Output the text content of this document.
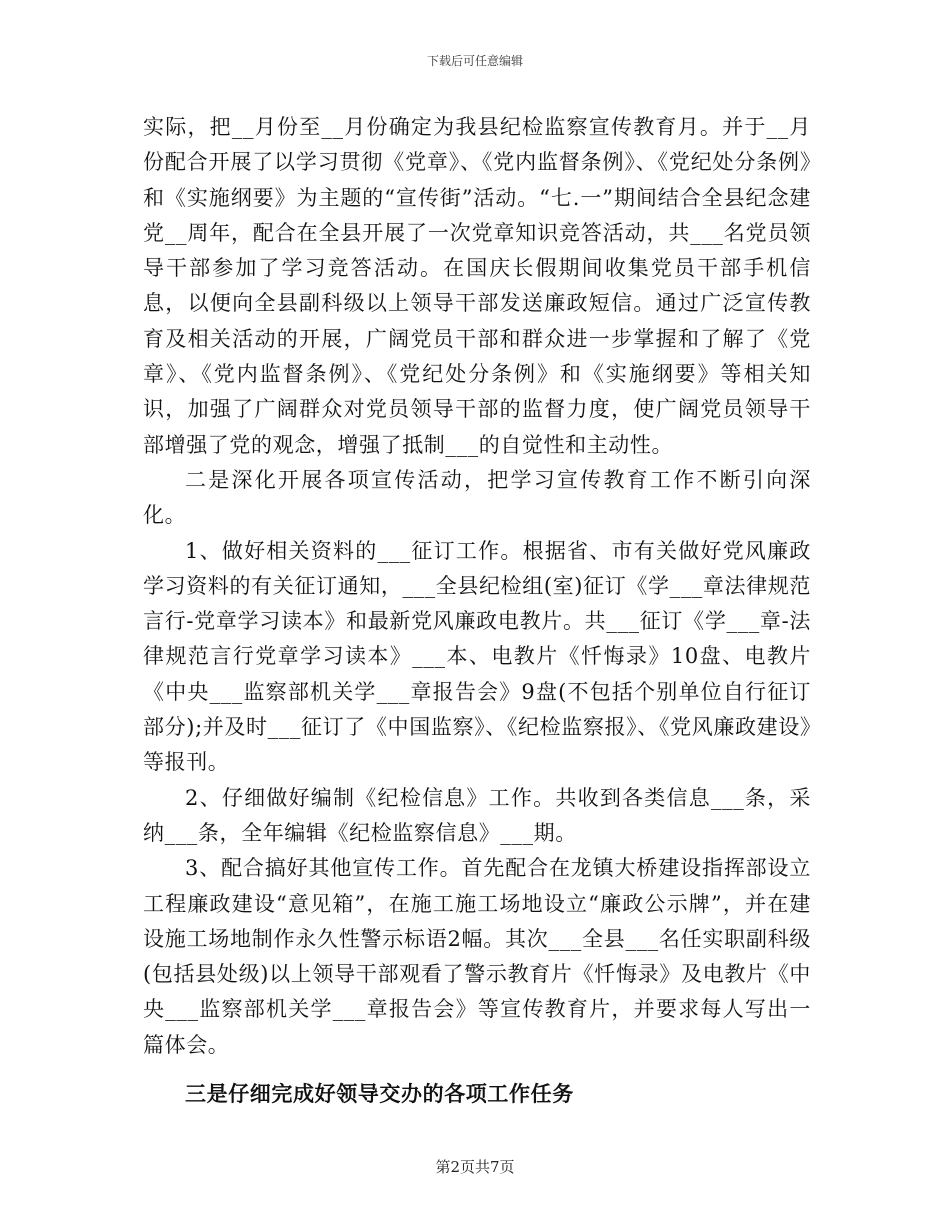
下载后可任意编辑

实际，把__月份至__月份确定为我县纪检监察宣传教育月。并于__月份配合开展了以学习贯彻《党章》、《党内监督条例》、《党纪处分条例》和《实施纲要》为主题的“宣传街”活动。“七.一”期间结合全县纪念建党__周年，配合在全县开展了一次党章知识竞答活动，共___名党员领导干部参加了学习竞答活动。在国庆长假期间收集党员干部手机信息，以便向全县副科级以上领导干部发送廉政短信。通过广泛宣传教育及相关活动的开展，广阔党员干部和群众进一步掌握和了解了《党章》、《党内监督条例》、《党纪处分条例》和《实施纲要》等相关知识，加强了广阔群众对党员领导干部的监督力度，使广阔党员领导干部增强了党的观念，增强了抵制___的自觉性和主动性。

二是深化开展各项宣传活动，把学习宣传教育工作不断引向深化。

1、做好相关资料的___征订工作。根据省、市有关做好党风廉政学习资料的有关征订通知，___全县纪检组(室)征订《学___章法律规范言行-党章学习读本》和最新党风廉政电教片。共___征订《学___章-法律规范言行党章学习读本》___本、电教片《忏悔录》10盘、电教片《中央___监察部机关学___章报告会》9盘(不包括个别单位自行征订部分);并及时___征订了《中国监察》、《纪检监察报》、《党风廉政建设》等报刊。

2、仔细做好编制《纪检信息》工作。共收到各类信息___条，采纳___条，全年编辑《纪检监察信息》___期。

3、配合搞好其他宣传工作。首先配合在龙镇大桥建设指挥部设立工程廉政建设“意见箱”，在施工施工场地设立“廉政公示牌”，并在建设施工场地制作永久性警示标语2幅。其次___全县___名任实职副科级(包括县处级)以上领导干部观看了警示教育片《忏悔录》及电教片《中央___监察部机关学___章报告会》等宣传教育片，并要求每人写出一篇体会。

三是仔细完成好领导交办的各项工作任务

第2页共7页
